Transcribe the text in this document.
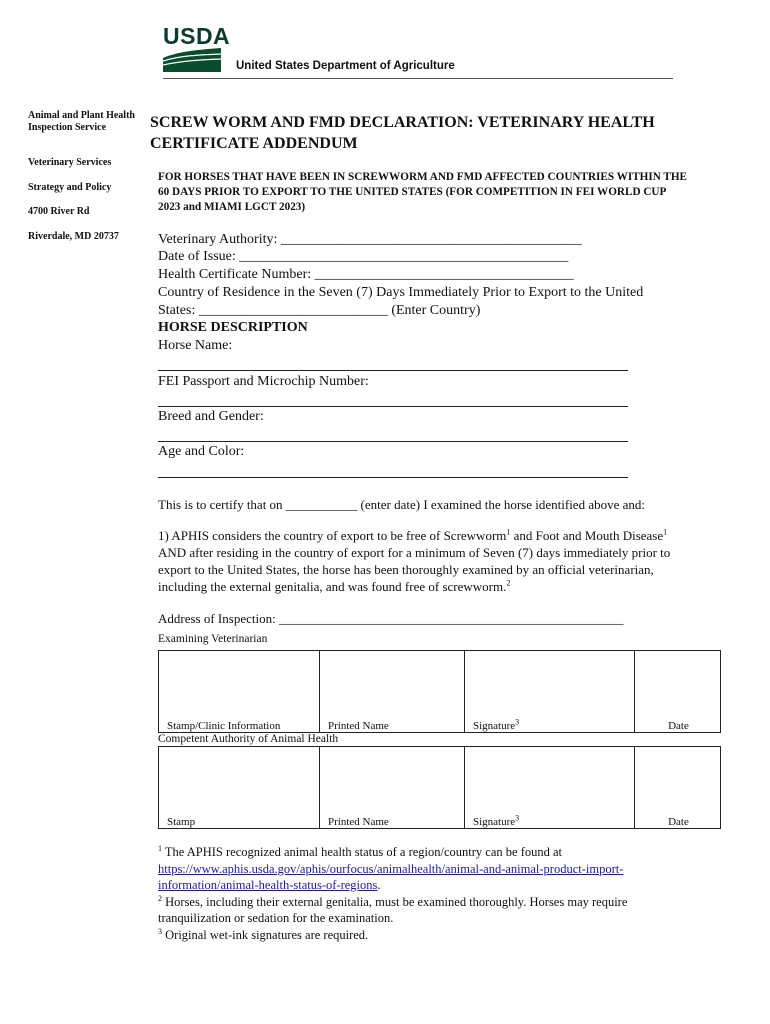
USDA
United States Department of Agriculture
Animal and Plant Health Inspection Service
Veterinary Services
Strategy and Policy
4700 River Rd
Riverdale, MD 20737
SCREW WORM AND FMD DECLARATION: VETERINARY HEALTH CERTIFICATE ADDENDUM
FOR HORSES THAT HAVE BEEN IN SCREWWORM AND FMD AFFECTED COUNTRIES WITHIN THE 60 DAYS PRIOR TO EXPORT TO THE UNITED STATES (FOR COMPETITION IN FEI WORLD CUP 2023 and MIAMI LGCT 2023)
Veterinary Authority: ___________________________________________
Date of Issue: _______________________________________________
Health Certificate Number: _____________________________________
Country of Residence in the Seven (7) Days Immediately Prior to Export to the United
States: ___________________________ (Enter Country)
HORSE DESCRIPTION
Horse Name:
FEI Passport and Microchip Number:
Breed and Gender:
Age and Color:
This is to certify that on ___________ (enter date) I examined the horse identified above and:
1) APHIS considers the country of export to be free of Screwworm$^1$ and Foot and Mouth Disease$^1$ AND after residing in the country of export for a minimum of Seven (7) days immediately prior to export to the United States, the horse has been thoroughly examined by an official veterinarian, including the external genitalia, and was found free of screwworm.$^2$
Address of Inspection: _____________________________________________________
Examining Veterinarian
Stamp/Clinic Information	Printed Name	Signature$^3$	Date
Competent Authority of Animal Health
Stamp	Printed Name	Signature$^3$	Date
$^1$ The APHIS recognized animal health status of a region/country can be found at https://www.aphis.usda.gov/aphis/ourfocus/animalhealth/animal-and-animal-product-import-information/animal-health-status-of-regions.
$^2$ Horses, including their external genitalia, must be examined thoroughly. Horses may require tranquilization or sedation for the examination.
$^3$ Original wet-ink signatures are required.
